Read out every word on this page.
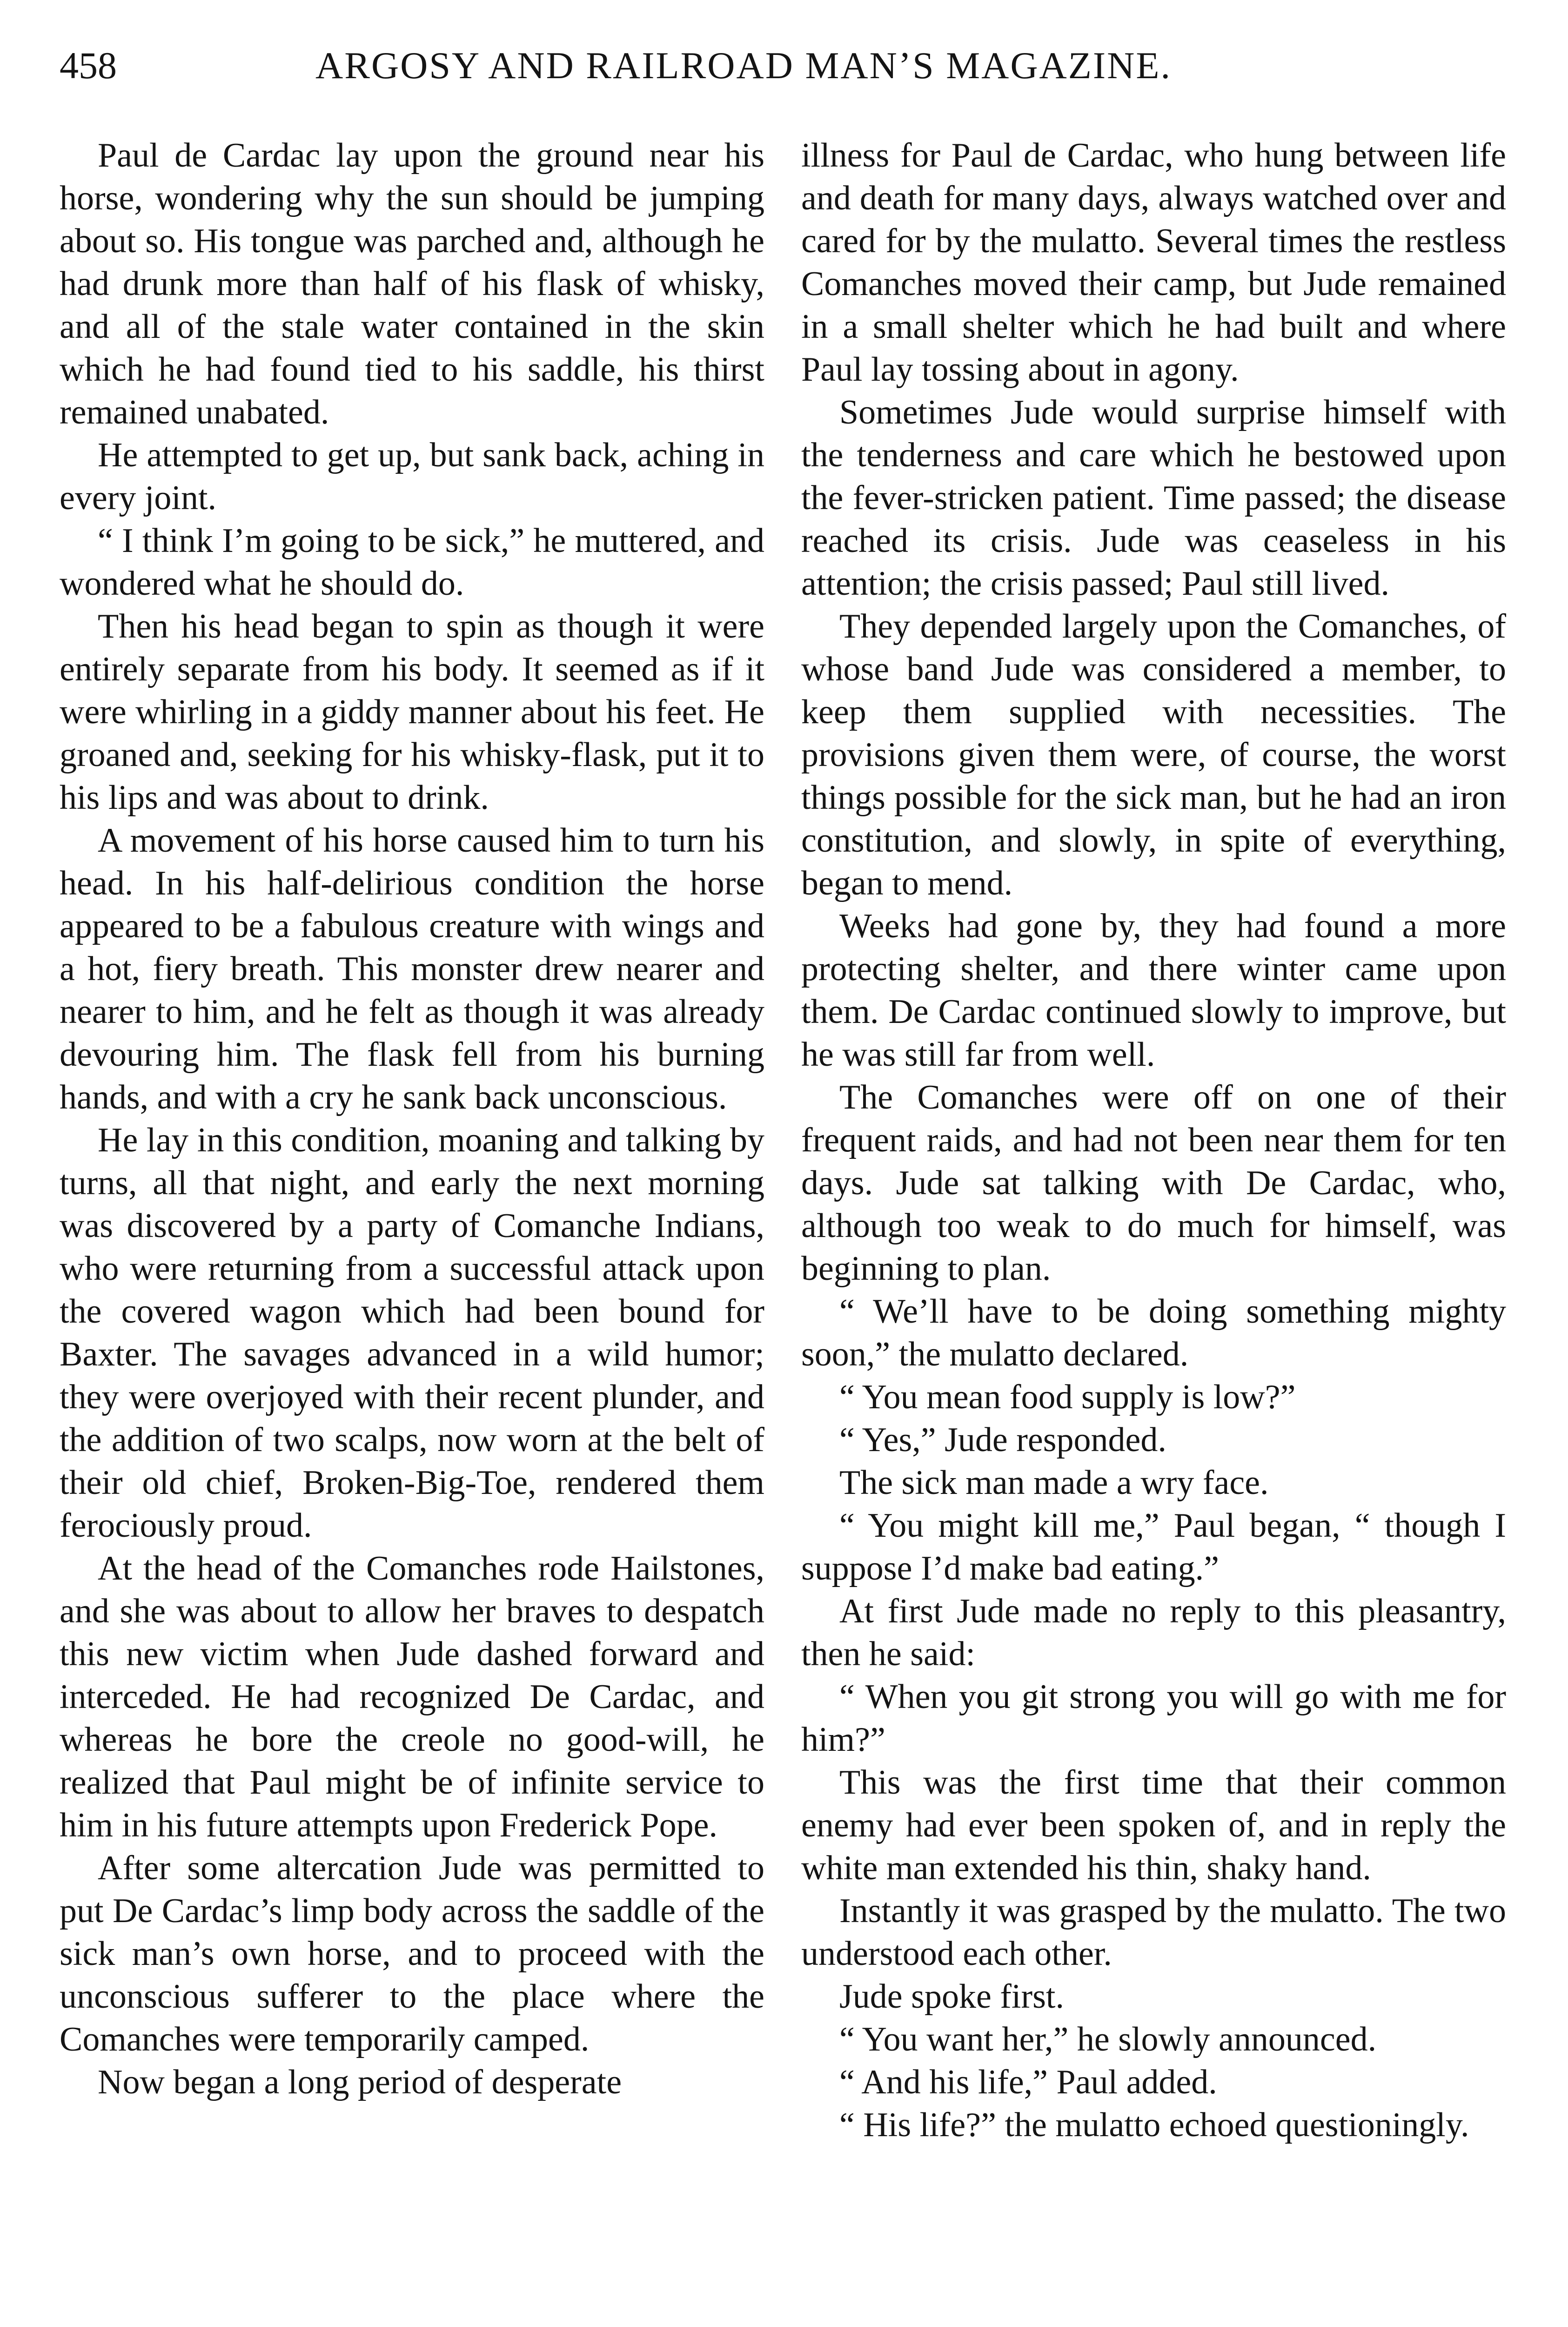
458	ARGOSY AND RAILROAD MAN’S MAGAZINE.

Paul de Cardac lay upon the ground near his horse, wondering why the sun should be jumping about so. His tongue was parched and, although he had drunk more than half of his flask of whisky, and all of the stale water contained in the skin which he had found tied to his saddle, his thirst remained unabated.

He attempted to get up, but sank back, aching in every joint.

“ I think I’m going to be sick,” he muttered, and wondered what he should do.

Then his head began to spin as though it were entirely separate from his body. It seemed as if it were whirling in a giddy manner about his feet. He groaned and, seeking for his whisky-flask, put it to his lips and was about to drink.

A movement of his horse caused him to turn his head. In his half-delirious condition the horse appeared to be a fabulous creature with wings and a hot, fiery breath. This monster drew nearer and nearer to him, and he felt as though it was already devouring him. The flask fell from his burning hands, and with a cry he sank back unconscious.

He lay in this condition, moaning and talking by turns, all that night, and early the next morning was discovered by a party of Comanche Indians, who were returning from a successful attack upon the covered wagon which had been bound for Baxter. The savages advanced in a wild humor; they were overjoyed with their recent plunder, and the addition of two scalps, now worn at the belt of their old chief, Broken-Big-Toe, rendered them ferociously proud.

At the head of the Comanches rode Hailstones, and she was about to allow her braves to despatch this new victim when Jude dashed forward and interceded. He had recognized De Cardac, and whereas he bore the creole no good-will, he realized that Paul might be of infinite service to him in his future attempts upon Frederick Pope.

After some altercation Jude was permitted to put De Cardac’s limp body across the saddle of the sick man’s own horse, and to proceed with the unconscious sufferer to the place where the Comanches were temporarily camped.

Now began a long period of desperate

illness for Paul de Cardac, who hung between life and death for many days, always watched over and cared for by the mulatto. Several times the restless Comanches moved their camp, but Jude remained in a small shelter which he had built and where Paul lay tossing about in agony.

Sometimes Jude would surprise himself with the tenderness and care which he bestowed upon the fever-stricken patient. Time passed; the disease reached its crisis. Jude was ceaseless in his attention; the crisis passed; Paul still lived.

They depended largely upon the Comanches, of whose band Jude was considered a member, to keep them supplied with necessities. The provisions given them were, of course, the worst things possible for the sick man, but he had an iron constitution, and slowly, in spite of everything, began to mend.

Weeks had gone by, they had found a more protecting shelter, and there winter came upon them. De Cardac continued slowly to improve, but he was still far from well.

The Comanches were off on one of their frequent raids, and had not been near them for ten days. Jude sat talking with De Cardac, who, although too weak to do much for himself, was beginning to plan.

“ We’ll have to be doing something mighty soon,” the mulatto declared.

“ You mean food supply is low?”

“ Yes,” Jude responded.

The sick man made a wry face.

“ You might kill me,” Paul began, “ though I suppose I’d make bad eating.”

At first Jude made no reply to this pleasantry, then he said:

“ When you git strong you will go with me for him?”

This was the first time that their common enemy had ever been spoken of, and in reply the white man extended his thin, shaky hand.

Instantly it was grasped by the mulatto. The two understood each other.

Jude spoke first.

“ You want her,” he slowly announced.

“ And his life,” Paul added.

“ His life?” the mulatto echoed questioningly.
